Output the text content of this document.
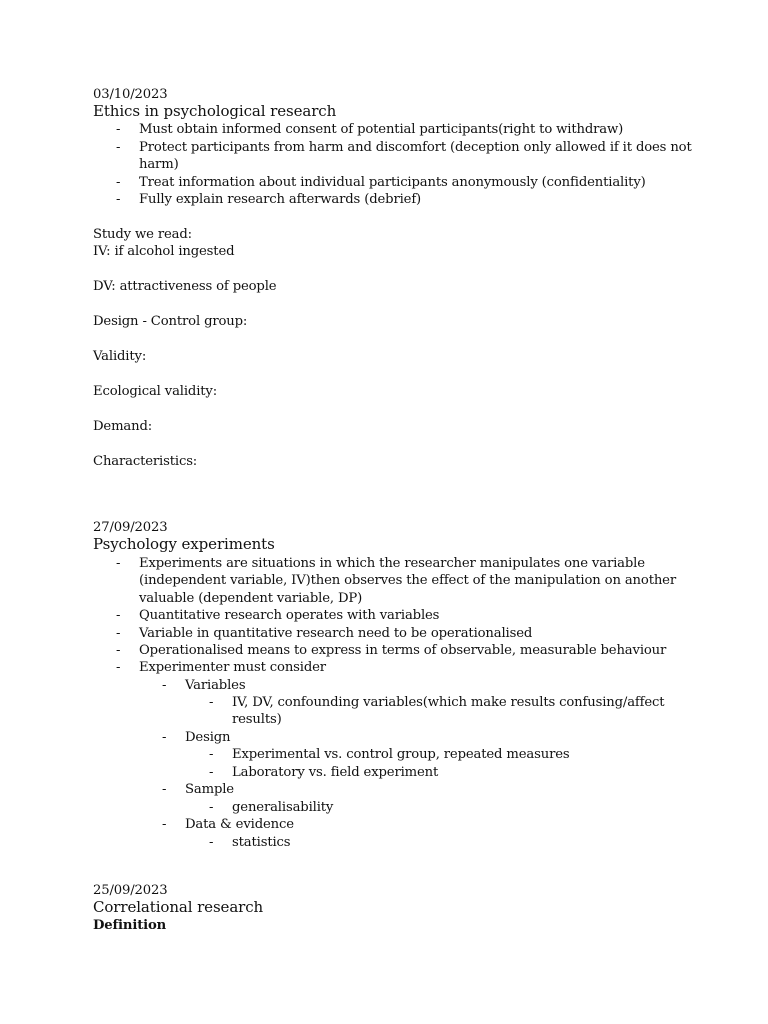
03/10/2023

Ethics in psychological research

- Must obtain informed consent of potential participants(right to withdraw)

- Protect participants from harm and discomfort (deception only allowed if it does not

harm)

- Treat information about individual participants anonymously (confidentiality)

- Fully explain research afterwards (debrief)

Study we read:

IV: if alcohol ingested

DV: attractiveness of people

Design - Control group:

Validity:

Ecological validity:

Demand:

Characteristics:

27/09/2023

Psychology experiments

- Experiments are situations in which the researcher manipulates one variable

(independent variable, IV)then observes the effect of the manipulation on another

valuable (dependent variable, DP)

- Quantitative research operates with variables

- Variable in quantitative research need to be operationalised

- Operationalised means to express in terms of observable, measurable behaviour

- Experimenter must consider

- Variables

- IV, DV, confounding variables(which make results confusing/affect

results)

- Design

- Experimental vs. control group, repeated measures

- Laboratory vs. field experiment

- Sample

- generalisability

- Data & evidence

- statistics

25/09/2023

Correlational research

Definition
